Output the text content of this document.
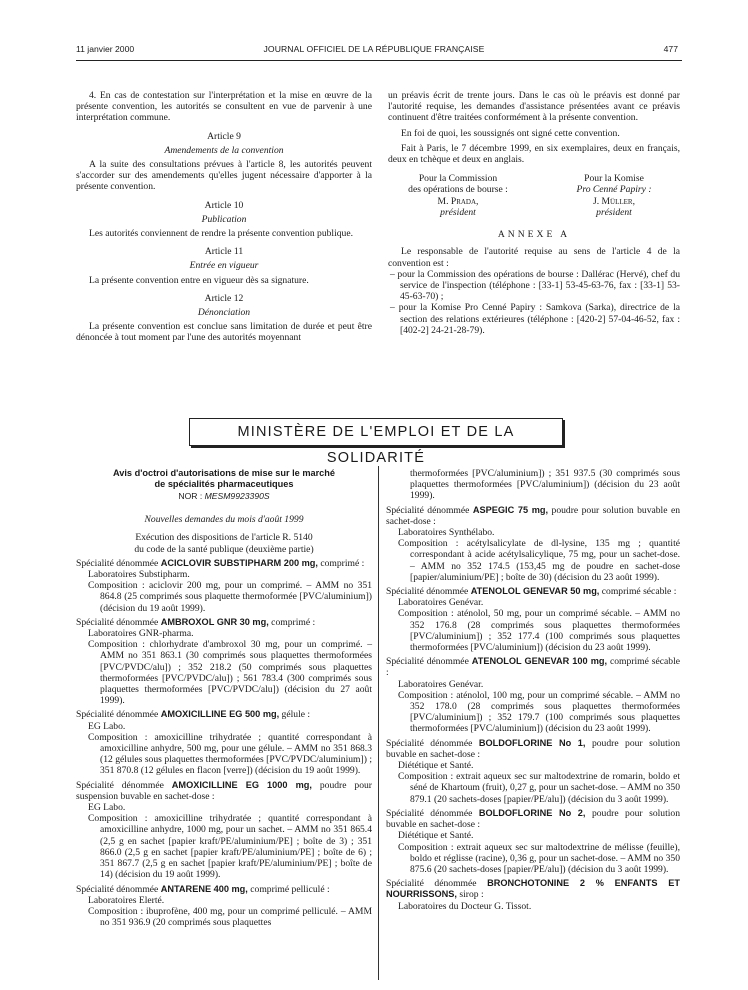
11 janvier 2000	JOURNAL OFFICIEL DE LA RÉPUBLIQUE FRANÇAISE	477

4. En cas de contestation sur l'interprétation et la mise en œuvre de la présente convention, les autorités se consultent en vue de parvenir à une interprétation commune.

Article 9
Amendements de la convention

A la suite des consultations prévues à l'article 8, les autorités peuvent s'accorder sur des amendements qu'elles jugent nécessaire d'apporter à la présente convention.

Article 10
Publication

Les autorités conviennent de rendre la présente convention publique.

Article 11
Entrée en vigueur

La présente convention entre en vigueur dès sa signature.

Article 12
Dénonciation

La présente convention est conclue sans limitation de durée et peut être dénoncée à tout moment par l'une des autorités moyennant

un préavis écrit de trente jours. Dans le cas où le préavis est donné par l'autorité requise, les demandes d'assistance présentées avant ce préavis continuent d'être traitées conformément à la présente convention.

En foi de quoi, les soussignés ont signé cette convention.

Fait à Paris, le 7 décembre 1999, en six exemplaires, deux en français, deux en tchèque et deux en anglais.

Pour la Commission
des opérations de bourse :
M. Prada,
président
Pour la Komise
Pro Cenné Papiry :
J. Müller,
président
ANNEXE A

Le responsable de l'autorité requise au sens de l'article 4 de la convention est :

– pour la Commission des opérations de bourse : Dallérac (Hervé), chef du service de l'inspection (téléphone : [33-1] 53-45-63-76, fax : [33-1] 53-45-63-70) ;

– pour la Komise Pro Cenné Papiry : Samkova (Sarka), directrice de la section des relations extérieures (téléphone : [420-2] 57-04-46-52, fax : [402-2] 24-21-28-79).

MINISTÈRE DE L'EMPLOI ET DE LA SOLIDARITÉ
Avis d'octroi d'autorisations de mise sur le marché
de spécialités pharmaceutiques
NOR : MESM9923390S
Nouvelles demandes du mois d'août 1999
Exécution des dispositions de l'article R. 5140
du code de la santé publique (deuxième partie)

Spécialité dénommée ACICLOVIR SUBSTIPHARM 200 mg, comprimé :

Laboratoires Substipharm.

Composition : aciclovir 200 mg, pour un comprimé. – AMM no 351 864.8 (25 comprimés sous plaquette thermoformée [PVC/aluminium]) (décision du 19 août 1999).

Spécialité dénommée AMBROXOL GNR 30 mg, comprimé :

Laboratoires GNR-pharma.

Composition : chlorhydrate d'ambroxol 30 mg, pour un comprimé. – AMM no 351 863.1 (30 comprimés sous plaquettes thermoformées [PVC/PVDC/alu]) ; 352 218.2 (50 comprimés sous plaquettes thermoformées [PVC/PVDC/alu]) ; 561 783.4 (300 comprimés sous plaquettes thermoformées [PVC/PVDC/alu]) (décision du 27 août 1999).

Spécialité dénommée AMOXICILLINE EG 500 mg, gélule :

EG Labo.

Composition : amoxicilline trihydratée ; quantité correspondant à amoxicilline anhydre, 500 mg, pour une gélule. – AMM no 351 868.3 (12 gélules sous plaquettes thermoformées [PVC/PVDC/aluminium]) ; 351 870.8 (12 gélules en flacon [verre]) (décision du 19 août 1999).

Spécialité dénommée AMOXICILLINE EG 1000 mg, poudre pour suspension buvable en sachet-dose :

EG Labo.

Composition : amoxicilline trihydratée ; quantité correspondant à amoxicilline anhydre, 1000 mg, pour un sachet. – AMM no 351 865.4 (2,5 g en sachet [papier kraft/PE/aluminium/PE] ; boîte de 3) ; 351 866.0 (2,5 g en sachet [papier kraft/PE/aluminium/PE] ; boîte de 6) ; 351 867.7 (2,5 g en sachet [papier kraft/PE/aluminium/PE] ; boîte de 14) (décision du 19 août 1999).

Spécialité dénommée ANTARENE 400 mg, comprimé pelliculé :

Laboratoires Elerté.

Composition : ibuprofène, 400 mg, pour un comprimé pelliculé. – AMM no 351 936.9 (20 comprimés sous plaquettes

thermoformées [PVC/aluminium]) ; 351 937.5 (30 comprimés sous plaquettes thermoformées [PVC/aluminium]) (décision du 23 août 1999).

Spécialité dénommée ASPEGIC 75 mg, poudre pour solution buvable en sachet-dose :

Laboratoires Synthélabo.

Composition : acétylsalicylate de dl-lysine, 135 mg ; quantité correspondant à acide acétylsalicylique, 75 mg, pour un sachet-dose. – AMM no 352 174.5 (153,45 mg de poudre en sachet-dose [papier/aluminium/PE] ; boîte de 30) (décision du 23 août 1999).

Spécialité dénommée ATENOLOL GENEVAR 50 mg, comprimé sécable :

Laboratoires Genévar.

Composition : aténolol, 50 mg, pour un comprimé sécable. – AMM no 352 176.8 (28 comprimés sous plaquettes thermoformées [PVC/aluminium]) ; 352 177.4 (100 comprimés sous plaquettes thermoformées [PVC/aluminium]) (décision du 23 août 1999).

Spécialité dénommée ATENOLOL GENEVAR 100 mg, comprimé sécable :

Laboratoires Genévar.

Composition : aténolol, 100 mg, pour un comprimé sécable. – AMM no 352 178.0 (28 comprimés sous plaquettes thermoformées [PVC/aluminium]) ; 352 179.7 (100 comprimés sous plaquettes thermoformées [PVC/aluminium]) (décision du 23 août 1999).

Spécialité dénommée BOLDOFLORINE No 1, poudre pour solution buvable en sachet-dose :

Diététique et Santé.

Composition : extrait aqueux sec sur maltodextrine de romarin, boldo et séné de Khartoum (fruit), 0,27 g, pour un sachet-dose. – AMM no 350 879.1 (20 sachets-doses [papier/PE/alu]) (décision du 3 août 1999).

Spécialité dénommée BOLDOFLORINE No 2, poudre pour solution buvable en sachet-dose :

Diététique et Santé.

Composition : extrait aqueux sec sur maltodextrine de mélisse (feuille), boldo et réglisse (racine), 0,36 g, pour un sachet-dose. – AMM no 350 875.6 (20 sachets-doses [papier/PE/alu]) (décision du 3 août 1999).

Spécialité dénommée BRONCHOTONINE 2 % ENFANTS ET NOURRISSONS, sirop :

Laboratoires du Docteur G. Tissot.
